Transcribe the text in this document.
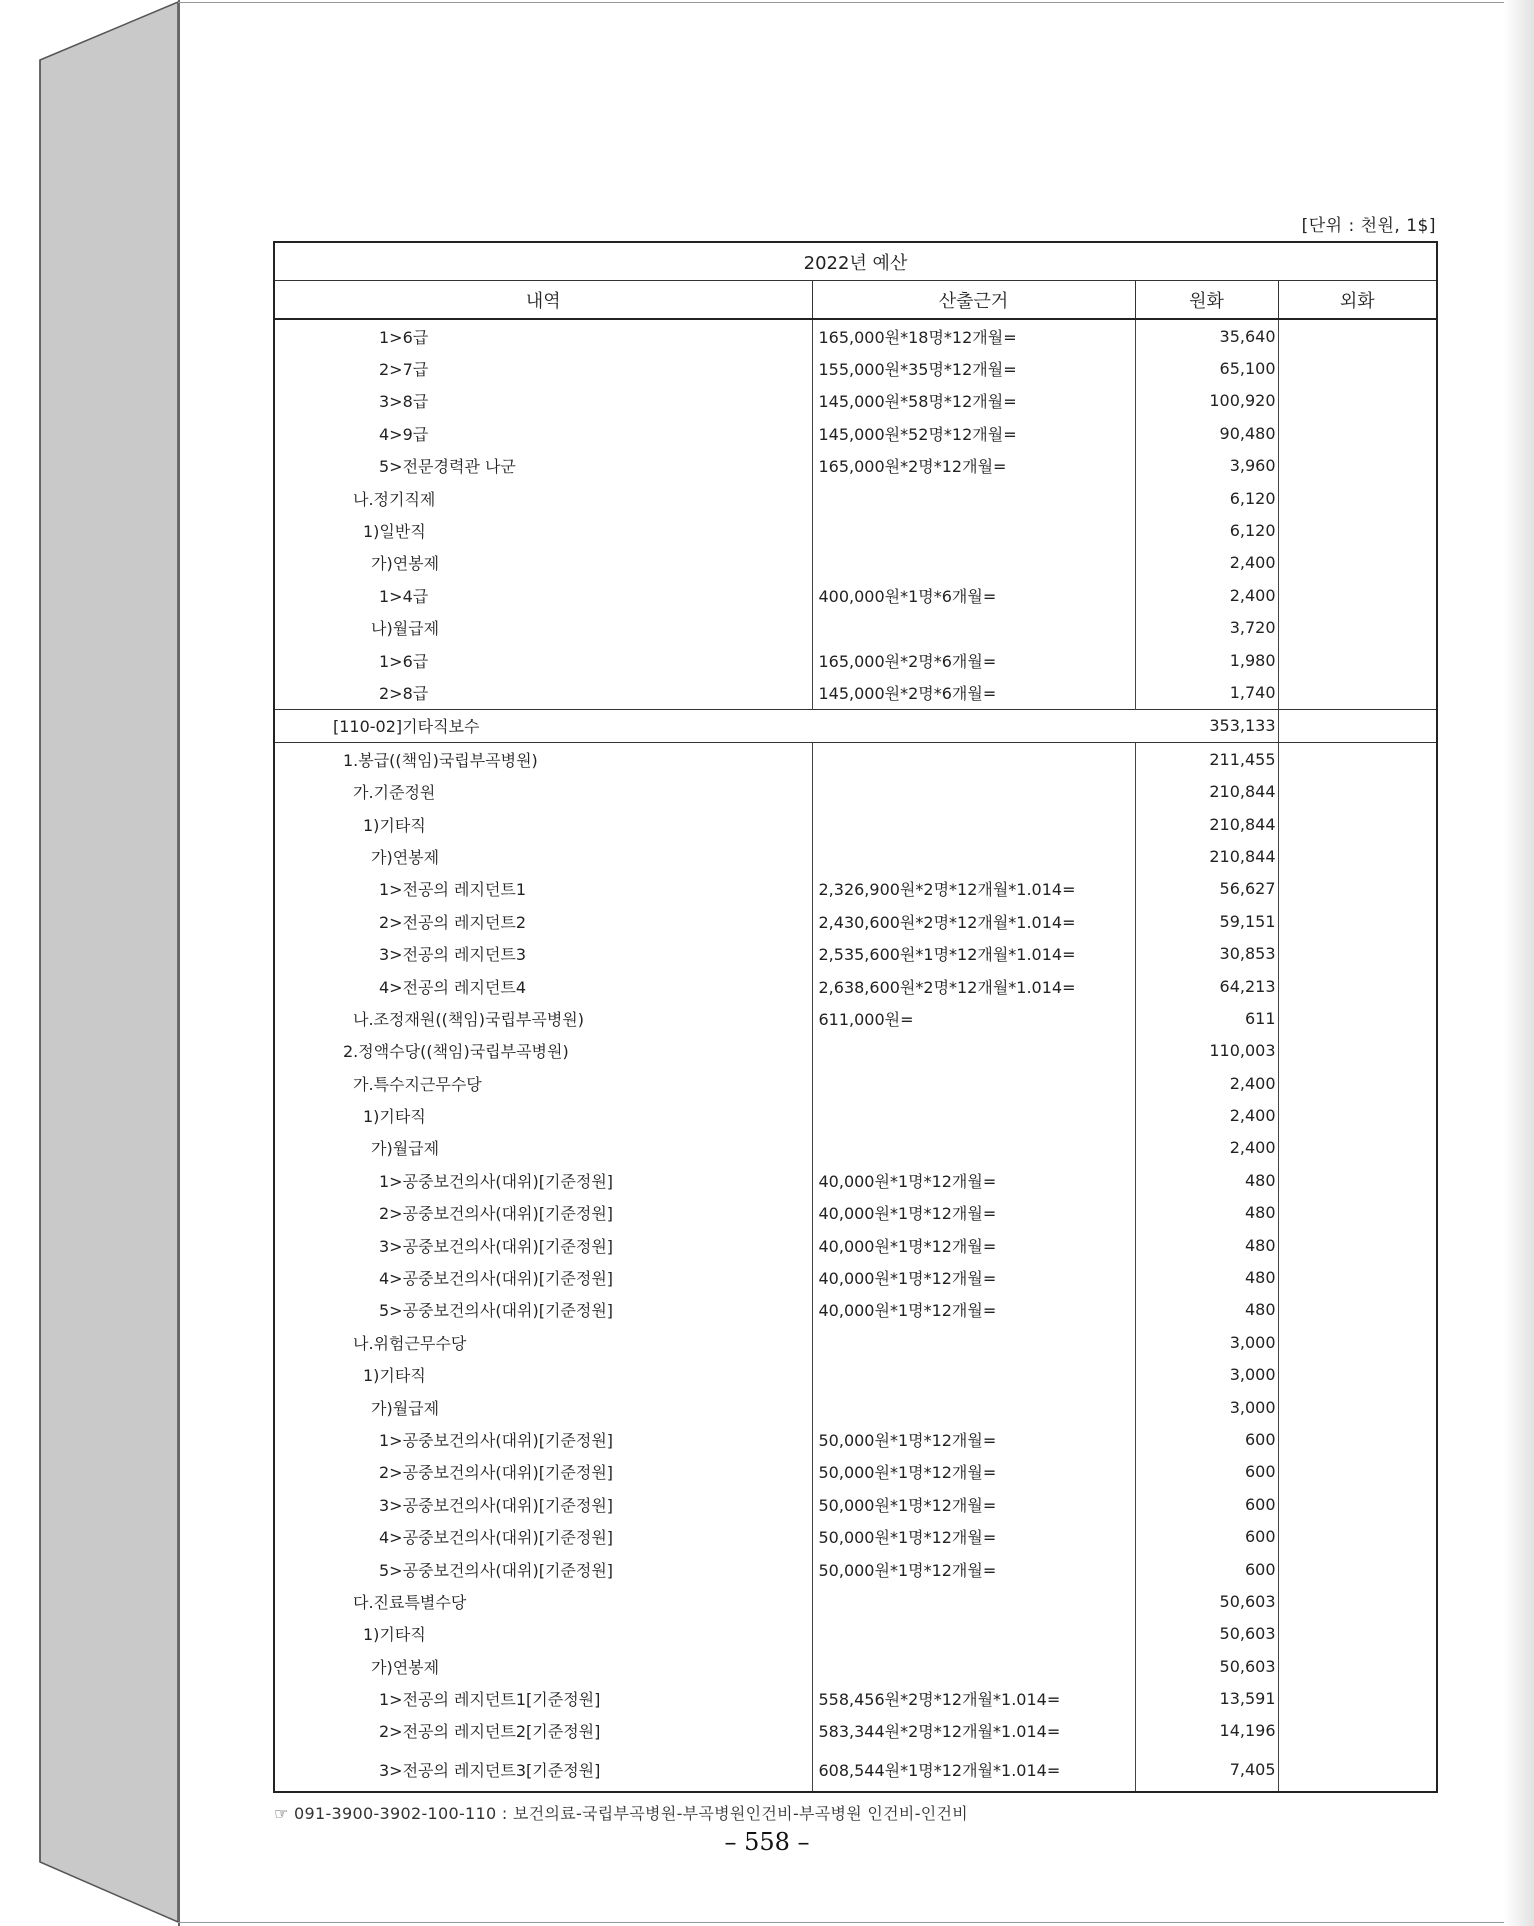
[단위 : 천원, 1$]
2022년 예산			
내역	산출근거	원화	외화
1>6급	165,000원*18명*12개월=	35,640	
2>7급	155,000원*35명*12개월=	65,100	
3>8급	145,000원*58명*12개월=	100,920	
4>9급	145,000원*52명*12개월=	90,480	
5>전문경력관 나군	165,000원*2명*12개월=	3,960	
나.정기직제		6,120	
1)일반직		6,120	
가)연봉제		2,400	
1>4급	400,000원*1명*6개월=	2,400	
나)월급제		3,720	
1>6급	165,000원*2명*6개월=	1,980	
2>8급	145,000원*2명*6개월=	1,740	
[110-02]기타직보수		353,133	
1.봉급((책임)국립부곡병원)		211,455	
가.기준정원		210,844	
1)기타직		210,844	
가)연봉제		210,844	
1>전공의 레지던트1	2,326,900원*2명*12개월*1.014=	56,627	
2>전공의 레지던트2	2,430,600원*2명*12개월*1.014=	59,151	
3>전공의 레지던트3	2,535,600원*1명*12개월*1.014=	30,853	
4>전공의 레지던트4	2,638,600원*2명*12개월*1.014=	64,213	
나.조정재원((책임)국립부곡병원)	611,000원=	611	
2.정액수당((책임)국립부곡병원)		110,003	
가.특수지근무수당		2,400	
1)기타직		2,400	
가)월급제		2,400	
1>공중보건의사(대위)[기준정원]	40,000원*1명*12개월=	480	
2>공중보건의사(대위)[기준정원]	40,000원*1명*12개월=	480	
3>공중보건의사(대위)[기준정원]	40,000원*1명*12개월=	480	
4>공중보건의사(대위)[기준정원]	40,000원*1명*12개월=	480	
5>공중보건의사(대위)[기준정원]	40,000원*1명*12개월=	480	
나.위험근무수당		3,000	
1)기타직		3,000	
가)월급제		3,000	
1>공중보건의사(대위)[기준정원]	50,000원*1명*12개월=	600	
2>공중보건의사(대위)[기준정원]	50,000원*1명*12개월=	600	
3>공중보건의사(대위)[기준정원]	50,000원*1명*12개월=	600	
4>공중보건의사(대위)[기준정원]	50,000원*1명*12개월=	600	
5>공중보건의사(대위)[기준정원]	50,000원*1명*12개월=	600	
다.진료특별수당		50,603	
1)기타직		50,603	
가)연봉제		50,603	
1>전공의 레지던트1[기준정원]	558,456원*2명*12개월*1.014=	13,591	
2>전공의 레지던트2[기준정원]	583,344원*2명*12개월*1.014=	14,196	
3>전공의 레지던트3[기준정원]	608,544원*1명*12개월*1.014=	7,405	
☞ 091-3900-3902-100-110 : 보건의료-국립부곡병원-부곡병원인건비-부곡병원 인건비-인건비
– 558 –
